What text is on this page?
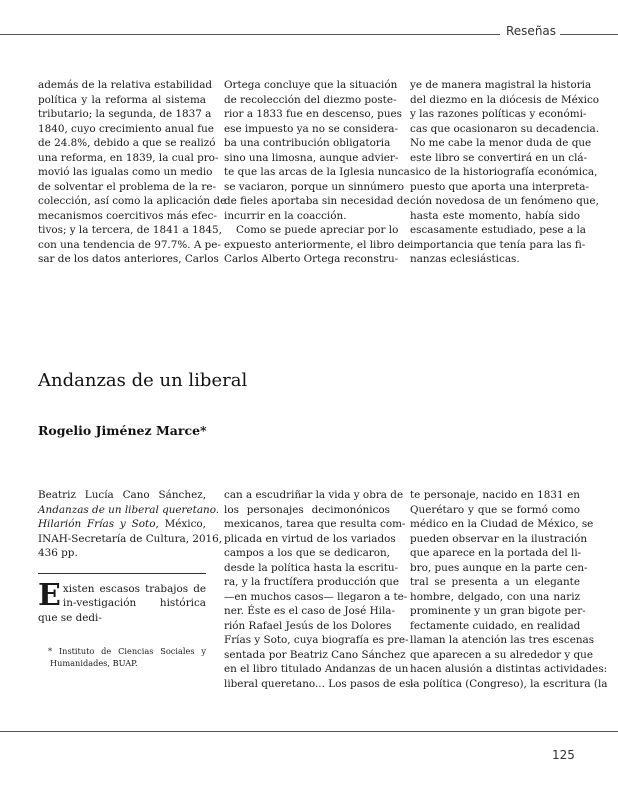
Reseñas
además de la relativa estabilidad
política y la reforma al sistema
tributario; la segunda, de 1837 a
1840, cuyo crecimiento anual fue
de 24.8%, debido a que se realizó
una reforma, en 1839, la cual pro-
movió las igualas como un medio
de solventar el problema de la re-
colección, así como la aplicación de
mecanismos coercitivos más efec-
tivos; y la tercera, de 1841 a 1845,
con una tendencia de 97.7%. A pe-
sar de los datos anteriores, Carlos
Ortega concluye que la situación
de recolección del diezmo poste-
rior a 1833 fue en descenso, pues
ese impuesto ya no se considera-
ba una contribución obligatoria
sino una limosna, aunque advier-
te que las arcas de la Iglesia nunca
se vaciaron, porque un sinnúmero
de fieles aportaba sin necesidad de
incurrir en la coacción.
Como se puede apreciar por lo
expuesto anteriormente, el libro de
Carlos Alberto Ortega reconstru-
ye de manera magistral la historia
del diezmo en la diócesis de México
y las razones políticas y económi-
cas que ocasionaron su decadencia.
No me cabe la menor duda de que
este libro se convertirá en un clá-
sico de la historiografía económica,
puesto que aporta una interpreta-
ción novedosa de un fenómeno que,
hasta este momento, había sido
escasamente estudiado, pese a la
importancia que tenía para las fi-
nanzas eclesiásticas.
Andanzas de un liberal
Rogelio Jiménez Marce*
Beatriz Lucía Cano Sánchez,
Andanzas de un liberal queretano.
Hilarión Frías y Soto, México,
INAH-Secretaría de Cultura, 2016,
436 pp.
Existen escasos trabajos de in-vestigación histórica que se dedi-
* Instituto de Ciencias Sociales y Humanidades, BUAP.
can a escudriñar la vida y obra de
los personajes decimonónicos
mexicanos, tarea que resulta com-
plicada en virtud de los variados
campos a los que se dedicaron,
desde la política hasta la escritu-
ra, y la fructífera producción que
—en muchos casos— llegaron a te-
ner. Éste es el caso de José Hila-
rión Rafael Jesús de los Dolores
Frías y Soto, cuya biografía es pre-
sentada por Beatriz Cano Sánchez
en el libro titulado Andanzas de un
liberal queretano... Los pasos de es-
te personaje, nacido en 1831 en
Querétaro y que se formó como
médico en la Ciudad de México, se
pueden observar en la ilustración
que aparece en la portada del li-
bro, pues aunque en la parte cen-
tral se presenta a un elegante
hombre, delgado, con una nariz
prominente y un gran bigote per-
fectamente cuidado, en realidad
llaman la atención las tres escenas
que aparecen a su alrededor y que
hacen alusión a distintas actividades:
la política (Congreso), la escritura (la
125
